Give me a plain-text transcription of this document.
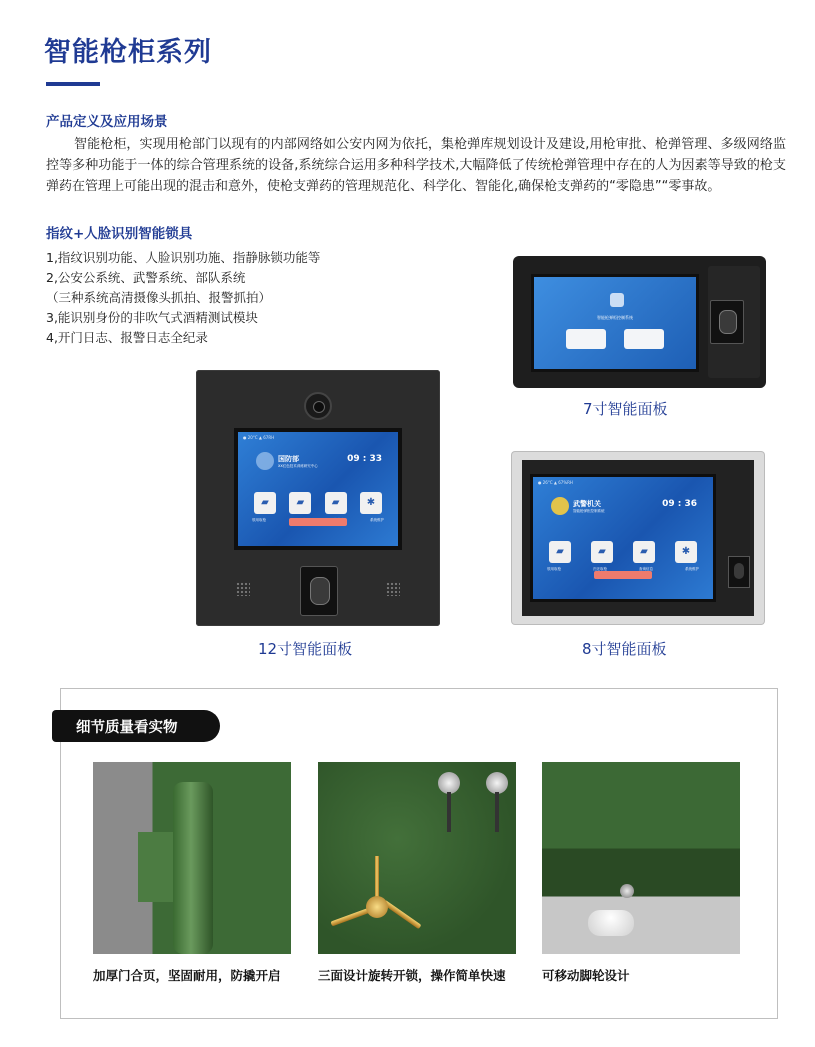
智能枪柜系列
产品定义及应用场景
智能枪柜，实现用枪部门以现有的内部网络如公安内网为依托，集枪弹库规划设计及建设,用枪审批、枪弹管理、多级网络监控等多种功能于一体的综合管理系统的设备,系统综合运用多种科学技术,大幅降低了传统枪弹管理中存在的人为因素等导致的枪支弹药在管理上可能出现的混击和意外，使枪支弹药的管理规范化、科学化、智能化,确保枪支弹药的“零隐患”“零事故。
指纹+人脸识别智能锁具
1,指纹识别功能、人脸识别功施、指静脉锁功能等
2,公安公系统、武警系统、部队系统
（三种系统高清摄像头抓拍、报警抓拍）
3,能识别身份的非吹气式酒精测试模块
4,开门日志、报警日志全纪录
● 20°C ▲ 67RH
国防部
XX红色技术训练研究中心
09 : 33
▰	▰	▰	✱
领用取枪	系统维护
12寸智能面板
智能枪弹柜控制系统
7寸智能面板
● 26°C ▲ 67%RH
武警机关
智能枪弹柜控制系统
09 : 36
▰	▰	▰	✱
领用取枪	归还取枪	查询信息	系统维护
8寸智能面板
细节质量看实物
加厚门合页，坚固耐用，防撬开启	三面设计旋转开锁，操作简单快速	可移动脚轮设计
